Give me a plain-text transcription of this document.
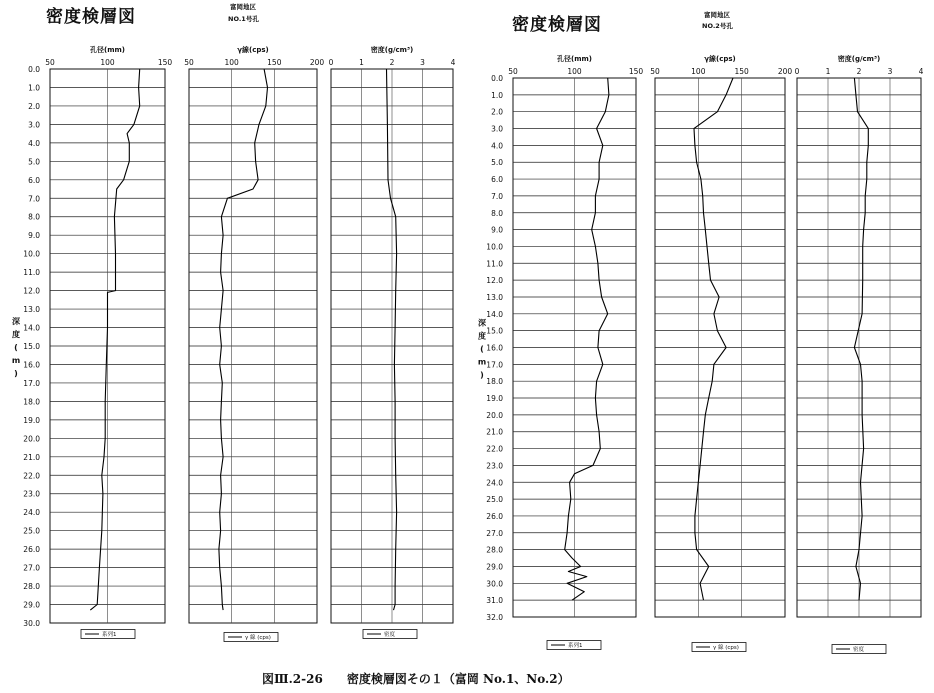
密度検層図	富岡地区
NO.1号孔	密度検層図	富岡地区
NO.2号孔
0.0
1.0
2.0
3.0
4.0
5.0
6.0
7.0
8.0
9.0
10.0
11.0
12.0
13.0
14.0
15.0
16.0
17.0
18.0
19.0
20.0
21.0
22.0
23.0
24.0
25.0
26.0
27.0
28.0
29.0
30.0
深
度
(
m
)
50	100	150
孔径(mm)
系列1
50	100	150	200
γ線(cps)
γ 線 (cps)
0	1	2	3	4
密度(g/cm³)
密度
0.0
1.0
2.0
3.0
4.0
5.0
6.0
7.0
8.0
9.0
10.0
11.0
12.0
13.0
14.0
15.0
16.0
17.0
18.0
19.0
20.0
21.0
22.0
23.0
24.0
25.0
26.0
27.0
28.0
29.0
30.0
31.0
32.0
深
度
(
m
)
50	100	150
孔径(mm)
系列1
50	100	150	200
γ線(cps)
γ 線 (cps)
0	1	2	3	4
密度(g/cm³)
密度
図Ⅲ.2-26　　密度検層図その１（富岡 No.1、No.2）
